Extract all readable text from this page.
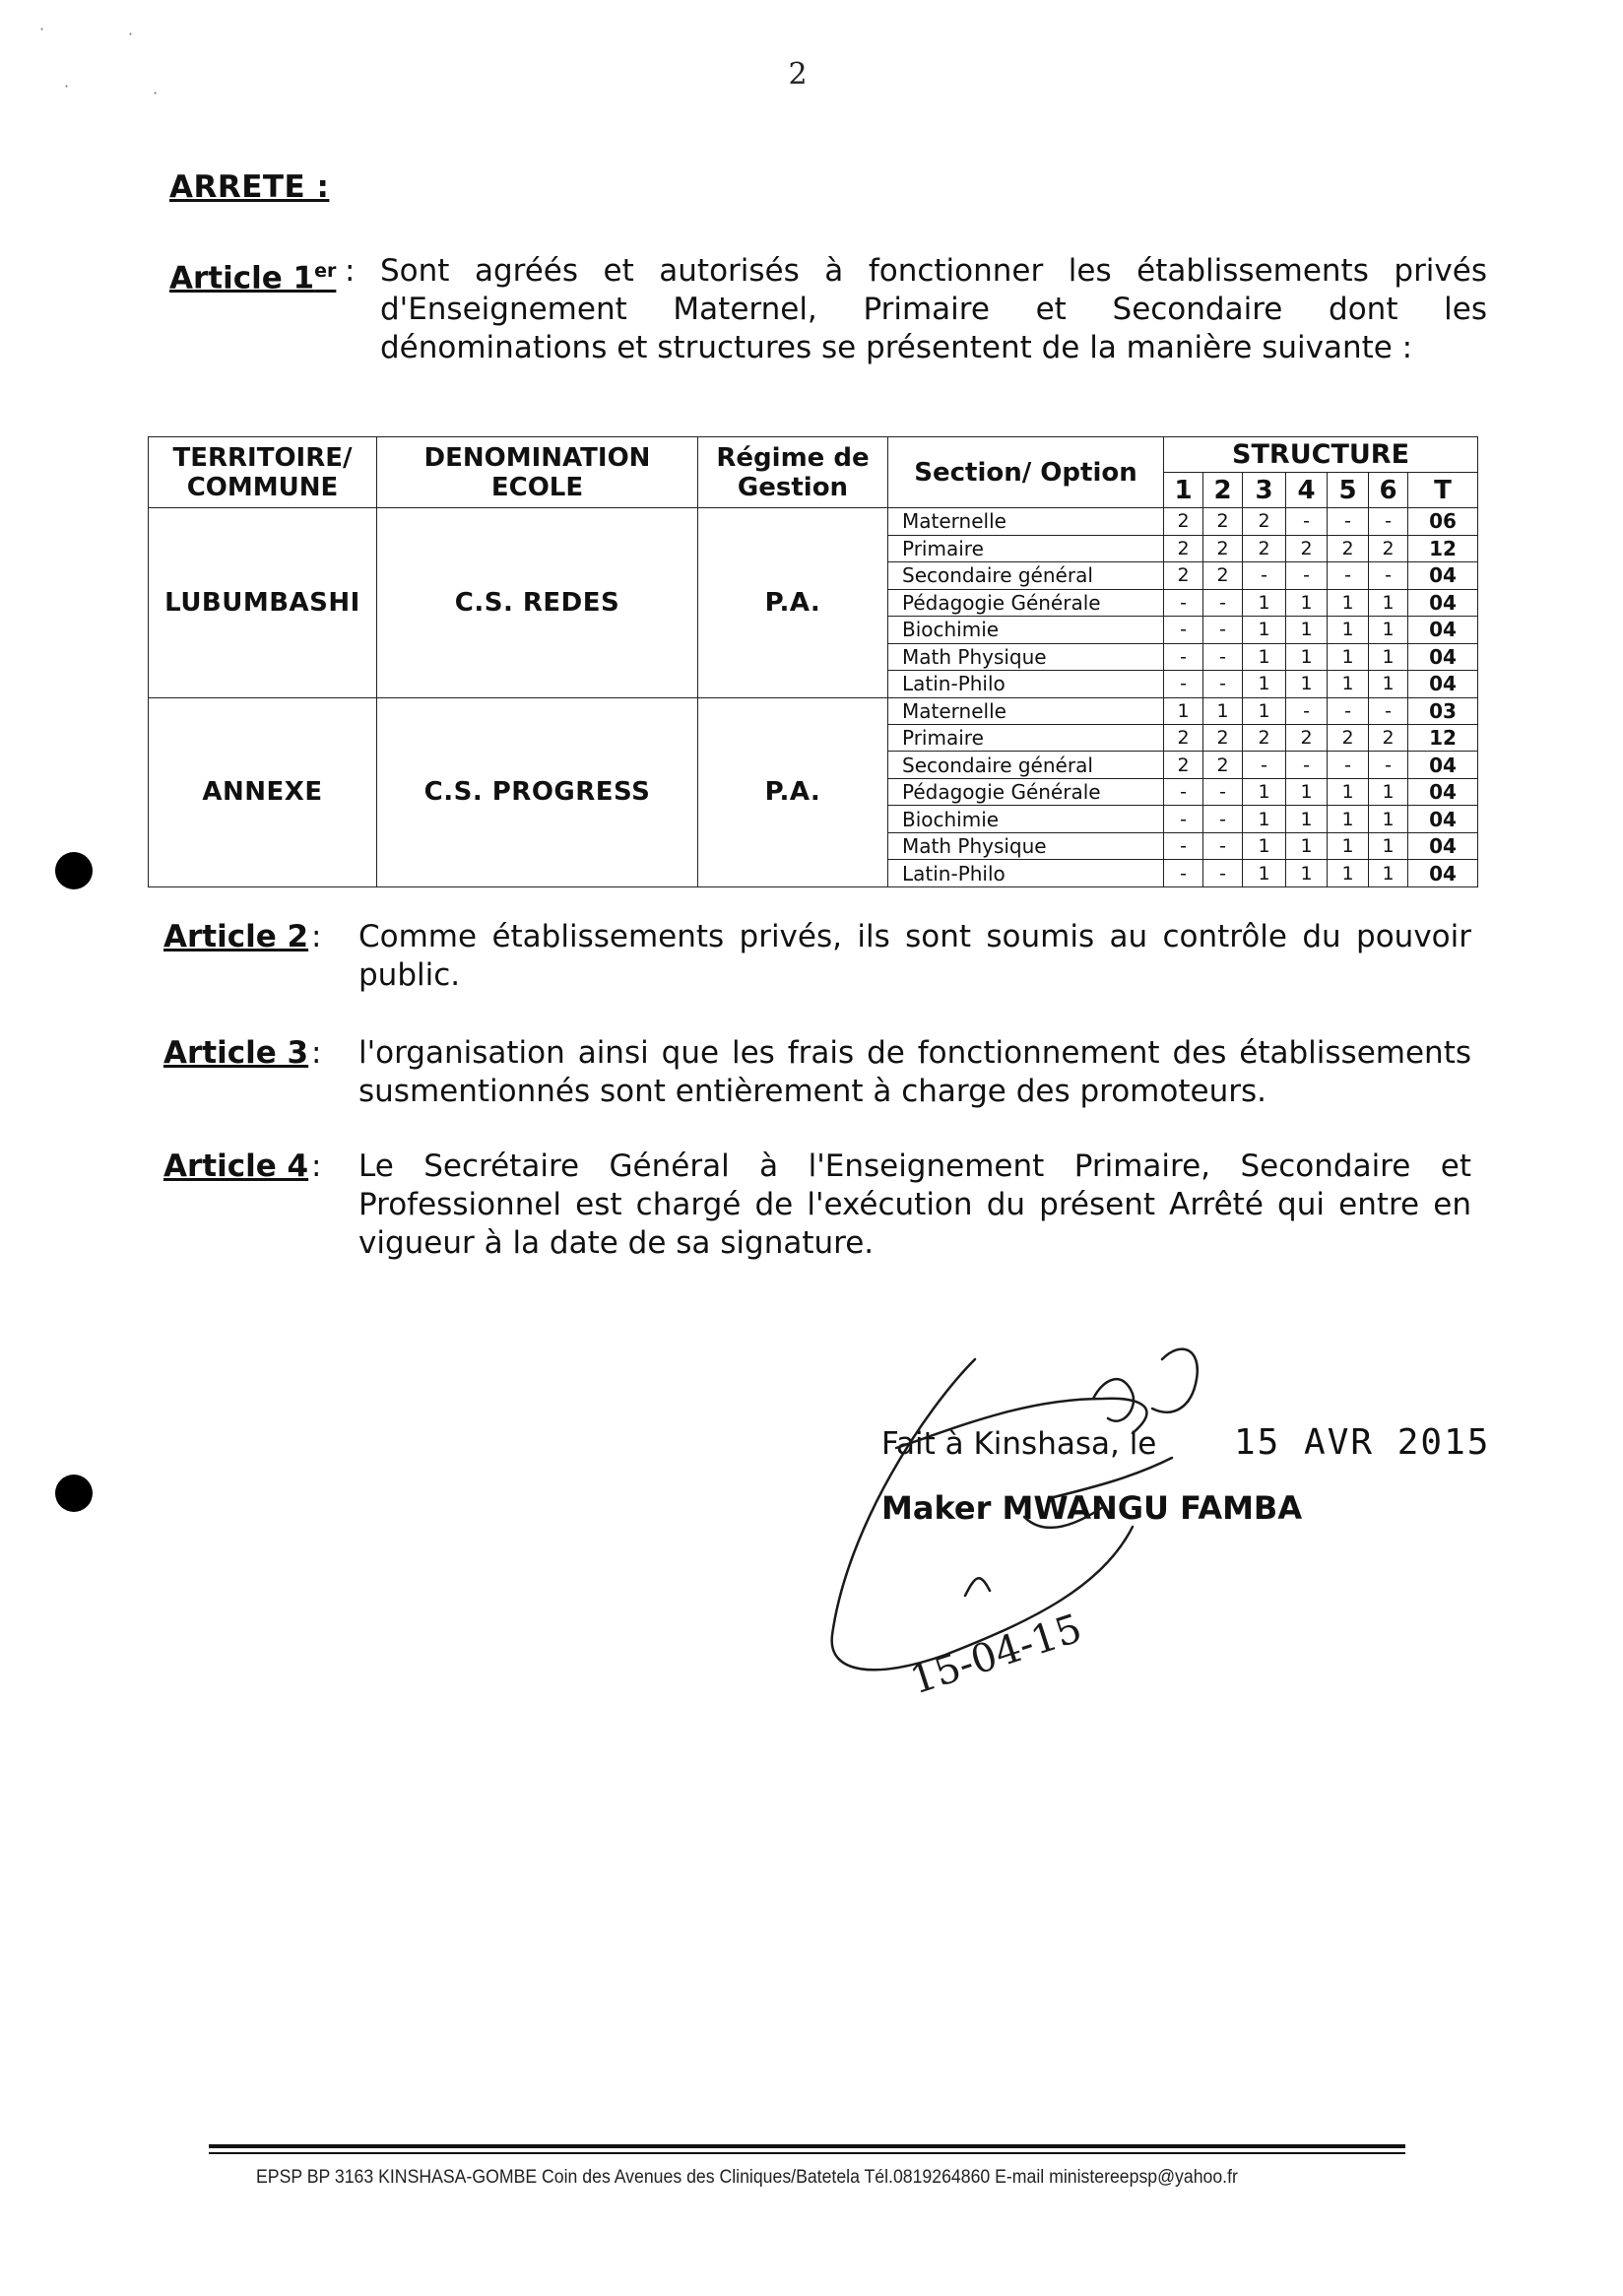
2
·	·
·	·
ARRETE :
Article 1er : Sont agréés et autorisés à fonctionner les établissements privés d'Enseignement Maternel, Primaire et Secondaire dont les dénominations et structures se présentent de la manière suivante :
TERRITOIRE/ COMMUNE	DENOMINATION ECOLE	Régime de Gestion	Section/ Option	STRUCTURE						
				1	2	3	4	5	6	T
LUBUMBASHI	C.S. REDES	P.A.	Maternelle	2	2	2	-	-	-	06
			Primaire	2	2	2	2	2	2	12
			Secondaire général	2	2	-	-	-	-	04
			Pédagogie Générale	-	-	1	1	1	1	04
			Biochimie	-	-	1	1	1	1	04
			Math Physique	-	-	1	1	1	1	04
			Latin-Philo	-	-	1	1	1	1	04
ANNEXE	C.S. PROGRESS	P.A.	Maternelle	1	1	1	-	-	-	03
			Primaire	2	2	2	2	2	2	12
			Secondaire général	2	2	-	-	-	-	04
			Pédagogie Générale	-	-	1	1	1	1	04
			Biochimie	-	-	1	1	1	1	04
			Math Physique	-	-	1	1	1	1	04
			Latin-Philo	-	-	1	1	1	1	04
Article 2 : Comme établissements privés, ils sont soumis au contrôle du pouvoir public.
Article 3 : l'organisation ainsi que les frais de fonctionnement des établissements susmentionnés sont entièrement à charge des promoteurs.
Article 4 : Le Secrétaire Général à l'Enseignement Primaire, Secondaire et Professionnel est chargé de l'exécution du présent Arrêté qui entre en vigueur à la date de sa signature.
Fait à Kinshasa, le 15 AVR 2015
Maker MWANGU FAMBA
15-04-15
EPSP BP 3163 KINSHASA-GOMBE Coin des Avenues des Cliniques/Batetela Tél.0819264860 E-mail ministereepsp@yahoo.fr
